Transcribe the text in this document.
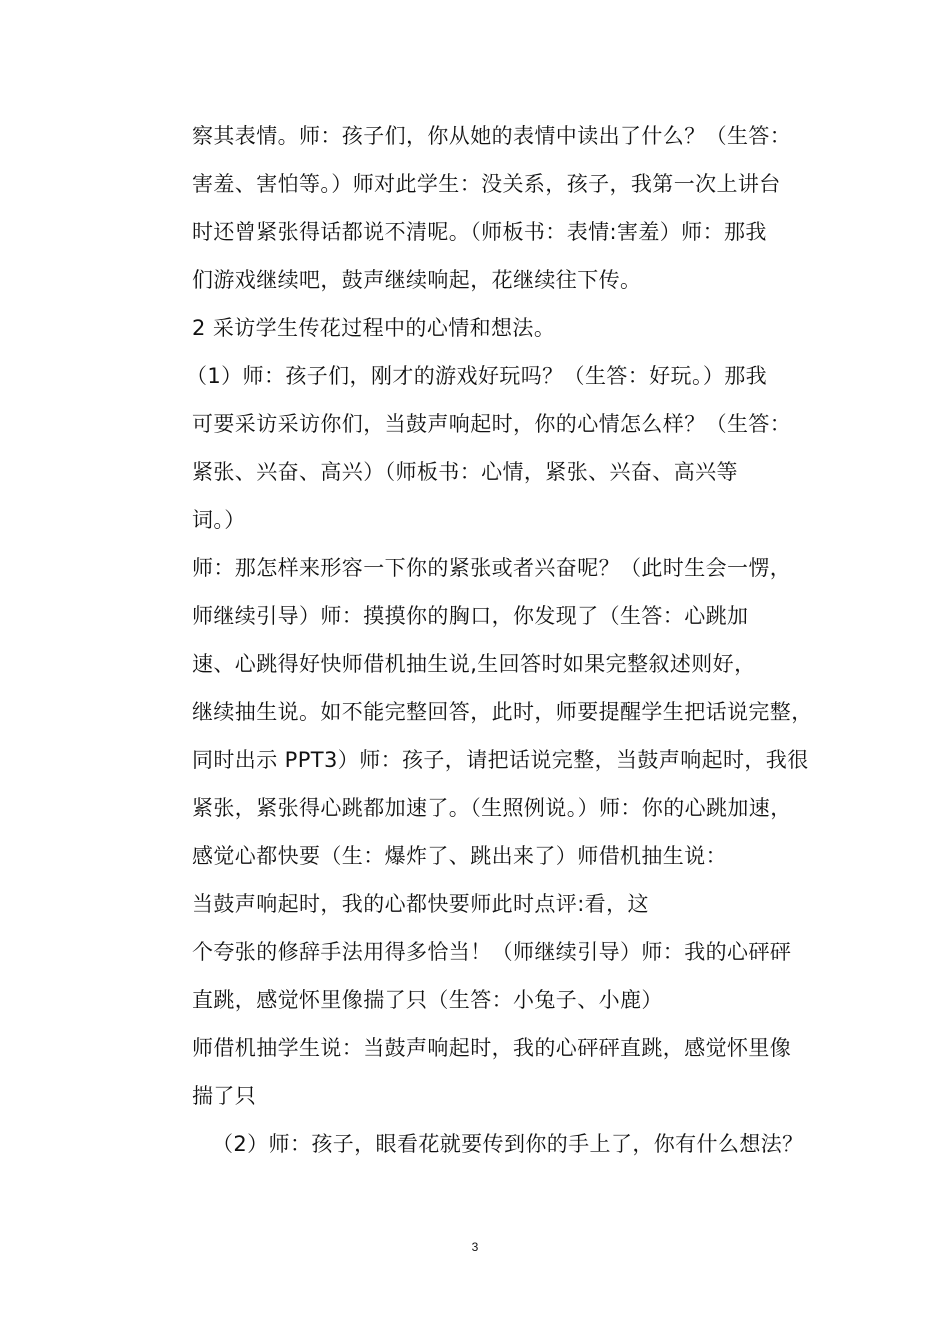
察其表情。师：孩子们，你从她的表情中读出了什么？（生答：
害羞、害怕等。）师对此学生：没关系，孩子，我第一次上讲台
时还曾紧张得话都说不清呢。（师板书：表情:害羞）师：那我
们游戏继续吧，鼓声继续响起，花继续往下传。
2 采访学生传花过程中的心情和想法。
（1）师：孩子们，刚才的游戏好玩吗？（生答：好玩。）那我
可要采访采访你们，当鼓声响起时，你的心情怎么样？（生答：
紧张、兴奋、高兴）（师板书：心情，紧张、兴奋、高兴等
词。）
师：那怎样来形容一下你的紧张或者兴奋呢？（此时生会一愣，
师继续引导）师：摸摸你的胸口，你发现了（生答：心跳加
速、心跳得好快师借机抽生说,生回答时如果完整叙述则好，
继续抽生说。如不能完整回答，此时，师要提醒学生把话说完整，
同时出示 PPT3）师：孩子，请把话说完整，当鼓声响起时，我很
紧张，紧张得心跳都加速了。（生照例说。）师：你的心跳加速，
感觉心都快要（生：爆炸了、跳出来了）师借机抽生说：
当鼓声响起时，我的心都快要师此时点评:看，这
个夸张的修辞手法用得多恰当！（师继续引导）师：我的心砰砰
直跳，感觉怀里像揣了只（生答：小兔子、小鹿）
师借机抽学生说：当鼓声响起时，我的心砰砰直跳，感觉怀里像
揣了只
（2）师：孩子，眼看花就要传到你的手上了，你有什么想法？
3
